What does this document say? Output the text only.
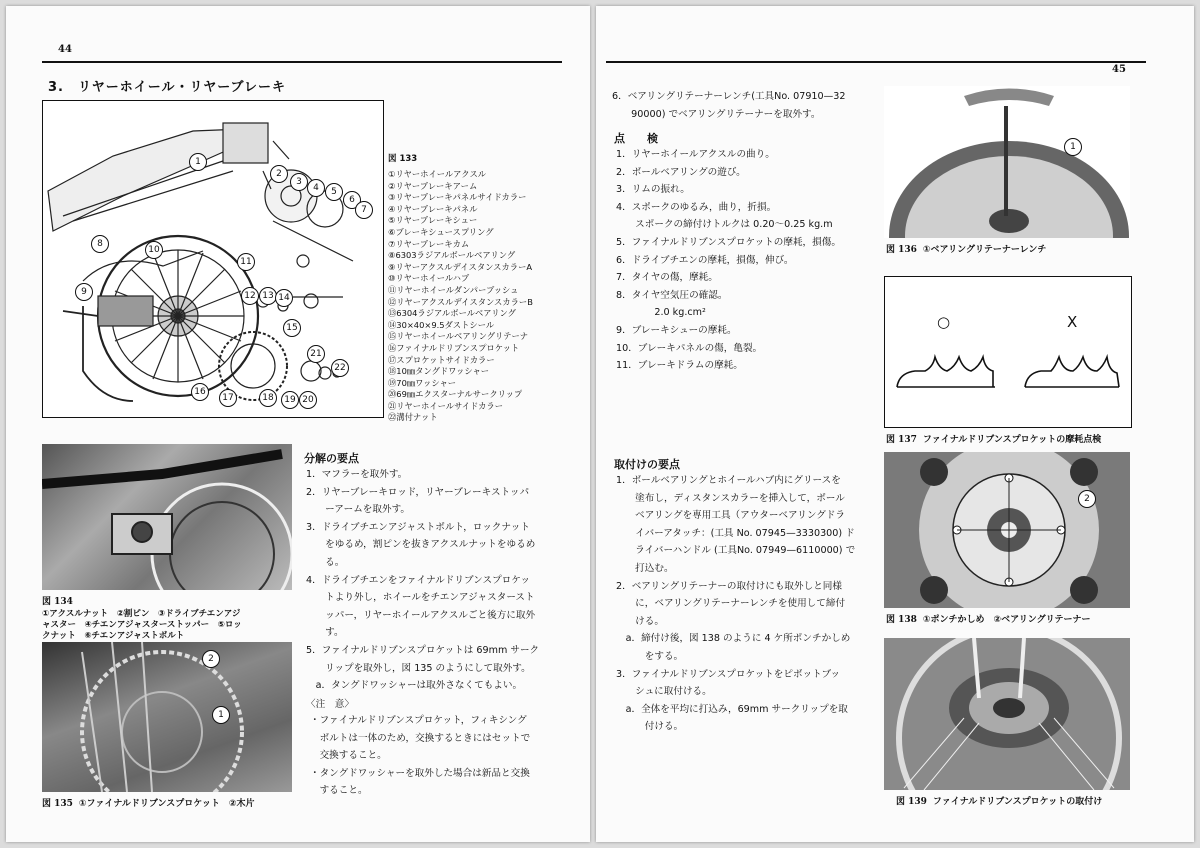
44
3.　リヤーホイール・リヤーブレーキ
1
2
3
4	5
6
7
8
9
10
11
12 13 14
15
16
17	18	19 20
21
22
図 133
①リヤーホイールアクスル
②リヤーブレーキアーム
③リヤーブレーキパネルサイドカラー
④リヤーブレーキパネル
⑤リヤーブレーキシュー
⑥ブレーキシュースプリング
⑦リヤーブレーキカム
⑧6303ラジアルボールベアリング
⑨リヤーアクスルデイスタンスカラーA
⑩リヤーホイールハブ
⑪リヤーホイールダンパーブッシュ
⑫リヤーアクスルデイスタンスカラーB
⑬6304ラジアルボールベアリング
⑭30×40×9.5ダストシール
⑮リヤーホイールベアリングリテーナ
⑯ファイナルドリブンスプロケット
⑰スプロケットサイドカラー
⑱10㎜タングドワッシャー
⑲70㎜ワッシャー
⑳69㎜エクスターナルサークリップ
㉑リヤーホイールサイドカラー
㉒溝付ナット
図 134①アクスルナット　②割ピン　③ドライブチエンアジャスター　④チエンアジャスターストッパー　⑤ロックナット　⑥チエンアジャストボルト
2
1
図 135 ①ファイナルドリブンスプロケット　②木片
分解の要点
1．マフラーを取外す。
2．リヤーブレーキロッド，リヤーブレーキストッパ
　　ーアームを取外す。
3．ドライブチエンアジャストボルト，ロックナット
　　をゆるめ，割ピンを抜きアクスルナットをゆるめ
　　る。
4．ドライブチエンをファイナルドリブンスプロケッ
　　トより外し，ホイールをチエンアジャスタースト
　　ッパー，リヤーホイールアクスルごと後方に取外
　　す。
5．ファイナルドリブンスプロケットは 69mm サーク
　　リップを取外し，図 135 のようにして取外す。
　a．タングドワッシャーは取外さなくてもよい。
〈注　意〉
・ファイナルドリブンスプロケット，フィキシング
　ボルトは一体のため，交換するときにはセットで
　交換すること。
・タングドワッシャーを取外した場合は新品と交換
　すること。
45
6．ベアリングリテーナーレンチ(工具No. 07910—32
　　90000) でベアリングリテーナーを取外す。
点　　検
1．リヤーホイールアクスルの曲り。
2．ボールベアリングの遊び。
3．リムの振れ。
4．スポークのゆるみ，曲り，折損。
　　スポークの締付けトルクは 0.20～0.25 kg.m
5．ファイナルドリブンスプロケットの摩耗，損傷。
6．ドライブチエンの摩耗，損傷，伸び。
7．タイヤの傷，摩耗。
8．タイヤ空気圧の確認。
　　　　2.0 kg.cm²
9．ブレーキシューの摩耗。
10．ブレーキパネルの傷，亀裂。
11．ブレーキドラムの摩耗。
取付けの要点
1．ボールベアリングとホイールハブ内にグリースを
　　塗布し，ディスタンスカラーを挿入して，ボール
　　ベアリングを専用工具（アウターベアリングドラ
　　イバーアタッチ：(工具 No. 07945—3330300) ド
　　ライバーハンドル (工具No. 07949—6110000) で
　　打込む。
2．ベアリングリテーナーの取付けにも取外しと同様
　　に，ベアリングリテーナーレンチを使用して締付
　　ける。
　a．締付け後，図 138 のように 4 ケ所ポンチかしめ
　　　をする。
3．ファイナルドリブンスプロケットをピボットブッ
　　シュに取付ける。
　a．全体を平均に打込み，69mm サークリップを取
　　　付ける。
1
図 136 ①ベアリングリテーナーレンチ
○	X
図 137 ファイナルドリブンスプロケットの摩耗点検
2
図 138 ①ポンチかしめ　②ベアリングリテーナー
図 139 ファイナルドリブンスプロケットの取付け
